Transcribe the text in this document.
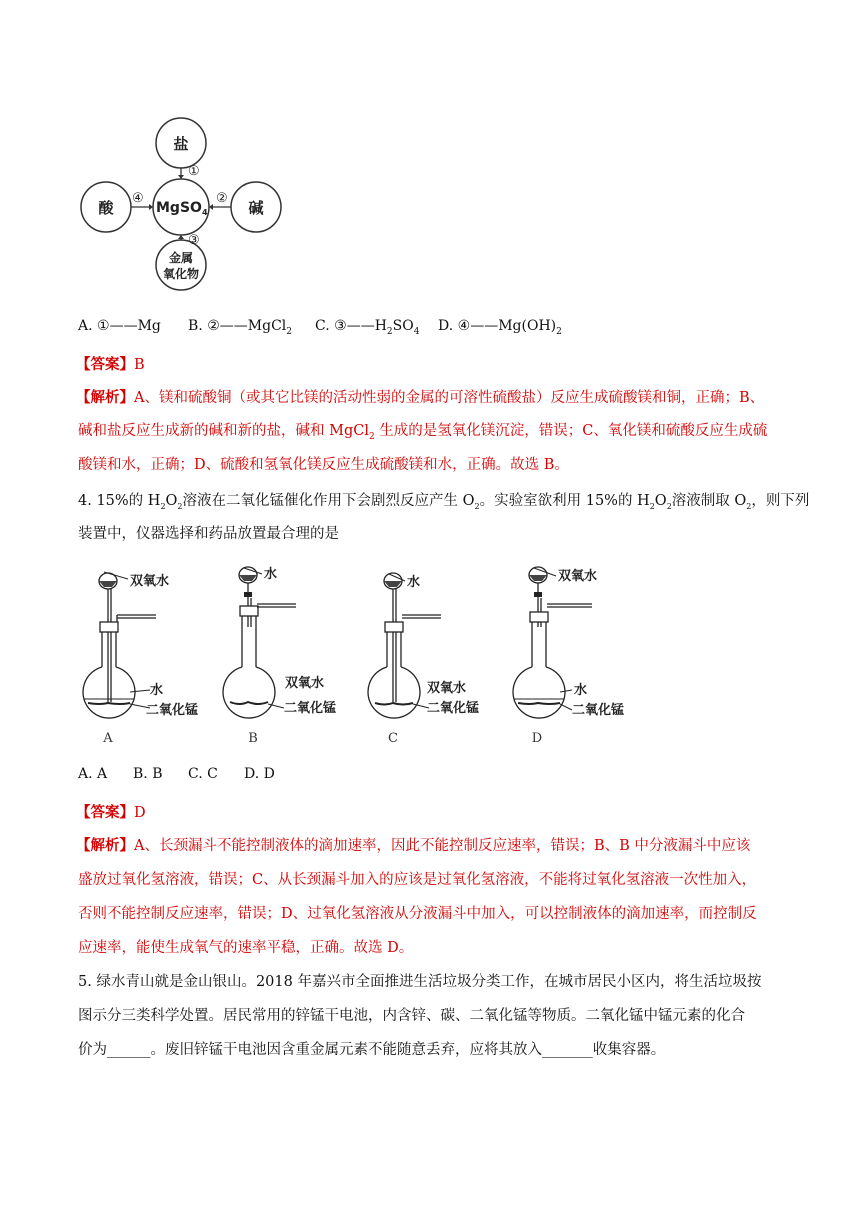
盐
酸	碱
MgSO$_4$
金属
氧化物
①
④	②
③
A. ①——Mg B. ②——MgCl$_2$ C. $③——H_2SO_4$ D. $④——Mg(OH)_2$
【答案】B
【解析】A、镁和硫酸铜（或其它比镁的活动性弱的金属的可溶性硫酸盐）反应生成硫酸镁和铜，正确；B、
碱和盐反应生成新的碱和新的盐，碱和 MgCl$_2$ 生成的是氢氧化镁沉淀，错误；C、氧化镁和硫酸反应生成硫
酸镁和水，正确；D、硫酸和氢氧化镁反应生成硫酸镁和水，正确。故选 B。
4. 15%的 $H_2O_2$溶液在二氧化锰催化作用下会剧烈反应产生 $O_2$。实验室欲利用 15%的 $H_2O_2$溶液制取 $O_2$，则下列
装置中，仪器选择和药品放置最合理的是
双氧水
水
二氧化锰
A
水
双氧水
二氧化锰
B
水
双氧水
二氧化锰
C
双氧水
水
二氧化锰
D
A. A B. B C. C D. D
【答案】D
【解析】A、长颈漏斗不能控制液体的滴加速率，因此不能控制反应速率，错误；B、B 中分液漏斗中应该
盛放过氧化氢溶液，错误；C、从长颈漏斗加入的应该是过氧化氢溶液，不能将过氧化氢溶液一次性加入，
否则不能控制反应速率，错误；D、过氧化氢溶液从分液漏斗中加入，可以控制液体的滴加速率，而控制反
应速率，能使生成氧气的速率平稳，正确。故选 D。
5. 绿水青山就是金山银山。2018 年嘉兴市全面推进生活垃圾分类工作，在城市居民小区内，将生活垃圾按
图示分三类科学处置。居民常用的锌锰干电池，内含锌、碳、二氧化锰等物质。二氧化锰中锰元素的化合
价为______。废旧锌锰干电池因含重金属元素不能随意丢弃，应将其放入_______收集容器。
